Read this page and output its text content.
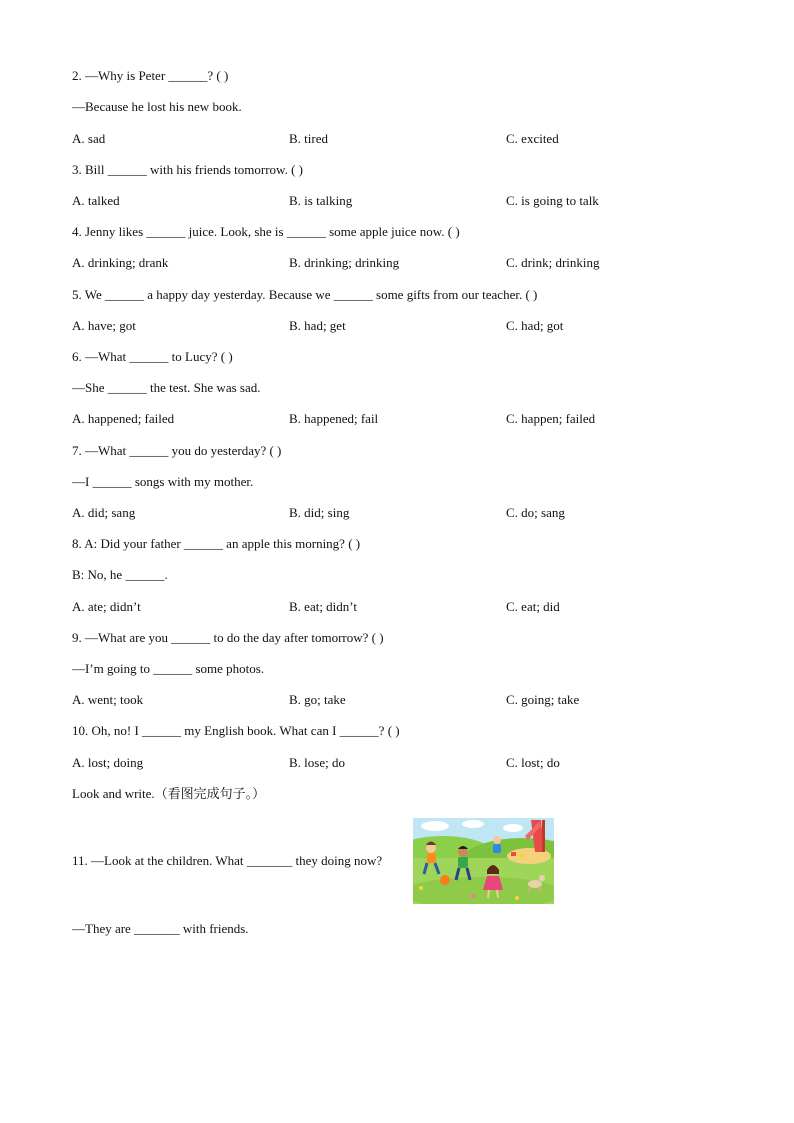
2. —Why is Peter ______? ( )
—Because he lost his new book.
A. sad	B. tired	C. excited
3. Bill ______ with his friends tomorrow. ( )
A. talked	B. is talking	C. is going to talk
4. Jenny likes ______ juice. Look, she is ______ some apple juice now. ( )
A. drinking; drank	B. drinking; drinking	C. drink; drinking
5. We ______ a happy day yesterday. Because we ______ some gifts from our teacher. ( )
A. have; got	B. had; get	C. had; got
6. —What ______ to Lucy? ( )
—She ______ the test. She was sad.
A. happened; failed	B. happened; fail	C. happen; failed
7. —What ______ you do yesterday? ( )
—I ______ songs with my mother.
A. did; sang	B. did; sing	C. do; sang
8. A: Did your father ______ an apple this morning? ( )
B: No, he ______.
A. ate; didn’t	B. eat; didn’t	C. eat; did
9. —What are you ______ to do the day after tomorrow? ( )
—I’m going to ______ some photos.
A. went; took	B. go; take	C. going; take
10. Oh, no! I ______ my English book. What can I ______? ( )
A. lost; doing	B. lose; do	C. lost; do
Look and write.（看图完成句子。）
11. —Look at the children. What _______ they doing now?
—They are _______ with friends.
